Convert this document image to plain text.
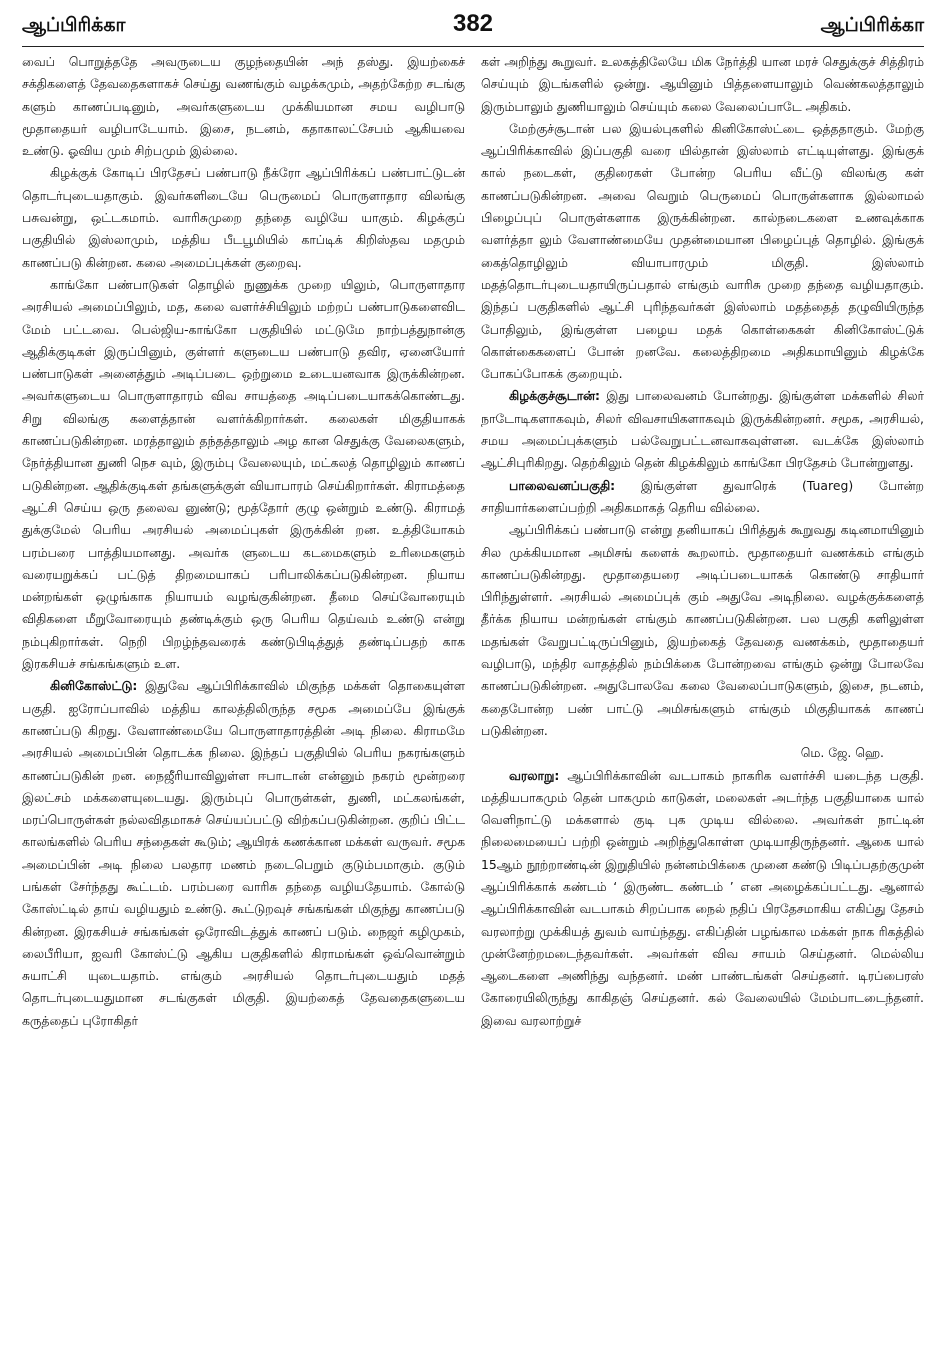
ஆப்பிரிக்கா	382	ஆப்பிரிக்கா

வைப் பொறுத்ததே அவருடைய குழந்தையின் அந் தஸ்து. இயற்கைச் சக்திகளைத் தேவதைகளாகச் செய்து வணங்கும் வழக்கமும், அதற்கேற்ற சடங்கு களும் காணப்படினும், அவர்களுடைய முக்கியமான சமய வழிபாடு மூதாதையர் வழிபாடேயாம். இசை, நடனம், கதாகாலட்சேபம் ஆகியவை உண்டு. ஓவிய மும் சிற்பமும் இல்லை.

கிழக்குக் கோடிப் பிரதேசப் பண்பாடு நீக்ரோ ஆப்பிரிக்கப் பண்பாட்டுடன் தொடர்புடையதாகும். இவர்களிடையே பெருமைப் பொருளாதார விலங்கு பசுவன்று, ஒட்டகமாம். வாரிசுமுறை தந்தை வழியே யாகும். கிழக்குப் பகுதியில் இஸ்லாமும், மத்திய பீடபூமியில் காப்டிக் கிறிஸ்தவ மதமும் காணப்படு கின்றன. கலை அமைப்புக்கள் குறைவு.

காங்கோ பண்பாடுகள் தொழில் நுணுக்க முறை யிலும், பொருளாதார அரசியல் அமைப்பிலும், மத, கலை வளர்ச்சியிலும் மற்றப் பண்பாடுகளைவிட மேம் பட்டவை. பெல்ஜிய-காங்கோ பகுதியில் மட்டுமே நாற்பத்துநான்கு ஆதிக்குடிகள் இருப்பினும், குள்ளர் களுடைய பண்பாடு தவிர, ஏனையோர் பண்பாடுகள் அனைத்தும் அடிப்படை ஒற்றுமை உடையனவாக இருக்கின்றன. அவர்களுடைய பொருளாதாரம் விவ சாயத்தை அடிப்படையாகக்கொண்டது. சிறு விலங்கு களைத்தான் வளர்க்கிறார்கள். கலைகள் மிகுதியாகக் காணப்படுகின்றன. மரத்தாலும் தந்தத்தாலும் அழ கான செதுக்கு வேலைகளும், நேர்த்தியான துணி நெச வும், இரும்பு வேலையும், மட்கலத் தொழிலும் காணப் படுகின்றன. ஆதிக்குடிகள் தங்களுக்குள் வியாபாரம் செய்கிறார்கள். கிராமத்தை ஆட்சி செய்ய ஒரு தலைவ னுண்டு; மூத்தோர் குழு ஒன்றும் உண்டு. கிராமத் துக்குமேல் பெரிய அரசியல் அமைப்புகள் இருக்கின் றன. உத்தியோகம் பரம்பரை பாத்தியமானது. அவர்க ளுடைய கடமைகளும் உரிமைகளும் வரையறுக்கப் பட்டுத் திறமையாகப் பரிபாலிக்கப்படுகின்றன. நியாய மன்றங்கள் ஒழுங்காக நியாயம் வழங்குகின்றன. தீமை செய்வோரையும் விதிகளை மீறுவோரையும் தண்டிக்கும் ஒரு பெரிய தெய்வம் உண்டு என்று நம்புகிறார்கள். நெறி பிறழ்ந்தவரைக் கண்டுபிடித்துத் தண்டிப்பதற் காக இரகசியச் சங்கங்களும் உள.

கினிகோஸ்ட்டு: இதுவே ஆப்பிரிக்காவில் மிகுந்த மக்கள் தொகையுள்ள பகுதி. ஐரோப்பாவில் மத்திய காலத்திலிருந்த சமூக அமைப்பே இங்குக் காணப்படு கிறது. வேளாண்மையே பொருளாதாரத்தின் அடி நிலை. கிராமமே அரசியல் அமைப்பின் தொடக்க நிலை. இந்தப் பகுதியில் பெரிய நகரங்களும் காணப்படுகின் றன. நைஜீரியாவிலுள்ள ஈபாடான் என்னும் நகரம் மூன்றரை இலட்சம் மக்களையுடையது. இரும்புப் பொருள்கள், துணி, மட்கலங்கள், மரப்பொருள்கள் நல்லவிதமாகச் செய்யப்பட்டு விற்கப்படுகின்றன. குறிப் பிட்ட காலங்களில் பெரிய சந்தைகள் கூடும்; ஆயிரக் கணக்கான மக்கள் வருவர். சமூக அமைப்பின் அடி நிலை பலதார மணம் நடைபெறும் குடும்பமாகும். குடும் பங்கள் சேர்ந்தது கூட்டம். பரம்பரை வாரிசு தந்தை வழியதேயாம். கோல்டு கோஸ்ட்டில் தாய் வழியதும் உண்டு. கூட்டுறவுச் சங்கங்கள் மிகுந்து காணப்படு கின்றன. இரகசியச் சங்கங்கள் ஒரோவிடத்துக் காணப் படும். நைஜர் கழிமுகம், லைபீரியா, ஐவரி கோஸ்ட்டு ஆகிய பகுதிகளில் கிராமங்கள் ஒவ்வொன்றும் சுயாட்சி யுடையதாம். எங்கும் அரசியல் தொடர்புடையதும் மதத் தொடர்புடையதுமான சடங்குகள் மிகுதி. இயற்கைத் தேவதைகளுடைய கருத்தைப் புரோகிதர்

கள் அறிந்து கூறுவர். உலகத்திலேயே மிக நேர்த்தி யான மரச் செதுக்குச் சித்திரம் செய்யும் இடங்களில் ஒன்று. ஆயினும் பித்தளையாலும் வெண்கலத்தாலும் இரும்பாலும் துணியாலும் செய்யும் கலை வேலைப்பாடே அதிகம்.

மேற்குச்சூடான் பல இயல்புகளில் கினிகோஸ்ட்டை ஒத்ததாகும். மேற்கு ஆப்பிரிக்காவில் இப்பகுதி வரை யில்தான் இஸ்லாம் எட்டியுள்ளது. இங்குக் கால் நடைகள், குதிரைகள் போன்ற பெரிய வீட்டு விலங்கு கள் காணப்படுகின்றன. அவை வெறும் பெருமைப் பொருள்களாக இல்லாமல் பிழைப்புப் பொருள்களாக இருக்கின்றன. கால்நடைகளை உணவுக்காக வளர்த்தா லும் வேளாண்மையே முதன்மையான பிழைப்புத் தொழில். இங்குக் கைத்தொழிலும் வியாபாரமும் மிகுதி. இஸ்லாம் மதத்தொடர்புடையதாயிருப்பதால் எங்கும் வாரிசு முறை தந்தை வழியதாகும். இந்தப் பகுதிகளில் ஆட்சி புரிந்தவர்கள் இஸ்லாம் மதத்தைத் தழுவியிருந்த போதிலும், இங்குள்ள பழைய மதக் கொள்கைகள் கினிகோஸ்ட்டுக் கொள்கைகளைப் போன் றனவே. கலைத்திறமை அதிகமாயினும் கிழக்கே போகப்போகக் குறையும்.

கிழக்குச்சூடான்: இது பாலைவனம் போன்றது. இங்குள்ள மக்களில் சிலர் நாடோடிகளாகவும், சிலர் விவசாயிகளாகவும் இருக்கின்றனர். சமூக, அரசியல், சமய அமைப்புக்களும் பல்வேறுபட்டனவாகவுள்ளன. வடக்கே இஸ்லாம் ஆட்சிபுரிகிறது. தெற்கிலும் தென் கிழக்கிலும் காங்கோ பிரதேசம் போன்றுளது.

பாலைவனப்பகுதி: இங்குள்ள துவாரெக் (Tuareg) போன்ற சாதியார்களைப்பற்றி அதிகமாகத் தெரிய வில்லை.

ஆப்பிரிக்கப் பண்பாடு என்று தனியாகப் பிரித்துக் கூறுவது கடினமாயினும் சில முக்கியமான அமிசங் களைக் கூறலாம். மூதாதையர் வணக்கம் எங்கும் காணப்படுகின்றது. மூதாதையரை அடிப்படையாகக் கொண்டு சாதியார் பிரிந்துள்ளர். அரசியல் அமைப்புக் கும் அதுவே அடிநிலை. வழக்குக்களைத் தீர்க்க நியாய மன்றங்கள் எங்கும் காணப்படுகின்றன. பல பகுதி களிலுள்ள மதங்கள் வேறுபட்டிருப்பினும், இயற்கைத் தேவதை வணக்கம், மூதாதையர் வழிபாடு, மந்திர வாதத்தில் நம்பிக்கை போன்றவை எங்கும் ஒன்று போலவே காணப்படுகின்றன. அதுபோலவே கலை வேலைப்பாடுகளும், இசை, நடனம், கதைபோன்ற பண் பாட்டு அமிசங்களும் எங்கும் மிகுதியாகக் காணப் படுகின்றன.
மெ. ஜே. ஹெ.

வரலாறு: ஆப்பிரிக்காவின் வடபாகம் நாகரிக வளர்ச்சி யடைந்த பகுதி. மத்தியபாகமும் தென் பாகமும் காடுகள், மலைகள் அடர்ந்த பகுதியாகை யால் வெளிநாட்டு மக்களால் குடி புக முடிய வில்லை. அவர்கள் நாட்டின் நிலைமையைப் பற்றி ஒன்றும் அறிந்துகொள்ள முடியாதிருந்தனர். ஆகை யால் 15ஆம் நூற்றாண்டின் இறுதியில் நன்னம்பிக்கை முனை கண்டு பிடிப்பதற்குமுன் ஆப்பிரிக்காக் கண்டம் ‘ இருண்ட கண்டம் ’ என அழைக்கப்பட்டது. ஆனால் ஆப்பிரிக்காவின் வடபாகம் சிறப்பாக நைல் நதிப் பிரதேசமாகிய எகிப்து தேசம் வரலாற்று முக்கியத் துவம் வாய்ந்தது. எகிப்தின் பழங்கால மக்கள் நாக ரிகத்தில் முன்னேற்றமடைந்தவர்கள். அவர்கள் விவ சாயம் செய்தனர். மெல்லிய ஆடைகளை அணிந்து வந்தனர். மண் பாண்டங்கள் செய்தனர். டிரப்பைரஸ் கோரையிலிருந்து காகிதஞ் செய்தனர். கல் வேலையில் மேம்பாடடைந்தனர். இவை வரலாற்றுச்
